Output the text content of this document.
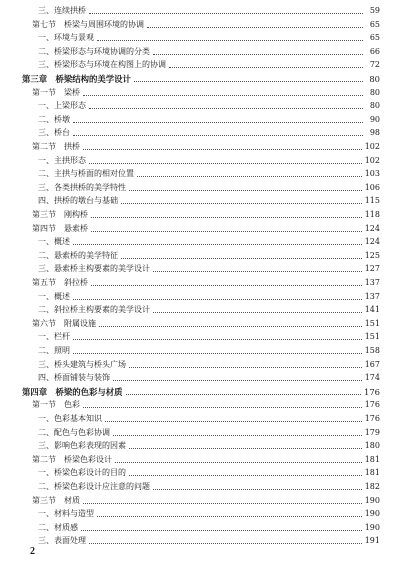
三、连续拱桥	59
第七节　桥梁与周围环境的协调	65
一、环境与景观	65
二、桥梁形态与环境协调的分类	66
三、桥梁形态与环境在构图上的协调	72
第三章　桥梁结构的美学设计	80
第一节　梁桥	80
一、上梁形态	80
二、桥墩	90
三、桥台	98
第二节　拱桥	102
一、主拱形态	102
二、主拱与桥面的相对位置	103
三、各类拱桥的美学特性	106
四、拱桥的墩台与基础	115
第三节　刚构桥	118
第四节　悬索桥	124
一、概述	124
二、悬索桥的美学特征	125
三、悬索桥主构要素的美学设计	127
第五节　斜拉桥	137
一、概述	137
二、斜拉桥主构要素的美学设计	141
第六节　附属设施	151
一、栏杆	151
二、照明	158
三、桥头建筑与桥头广场	167
四、桥面铺装与装饰	174
第四章　桥梁的色彩与材质	176
第一节　色彩	176
一、色彩基本知识	176
二、配色与色彩协调	179
三、影响色彩表现的因素	180
第二节　桥梁色彩设计	181
一、桥梁色彩设计的目的	181
二、桥梁色彩设计应注意的问题	182
第三节　材质	190
一、材料与造型	190
二、材质感	190
三、表面处理	191
2
